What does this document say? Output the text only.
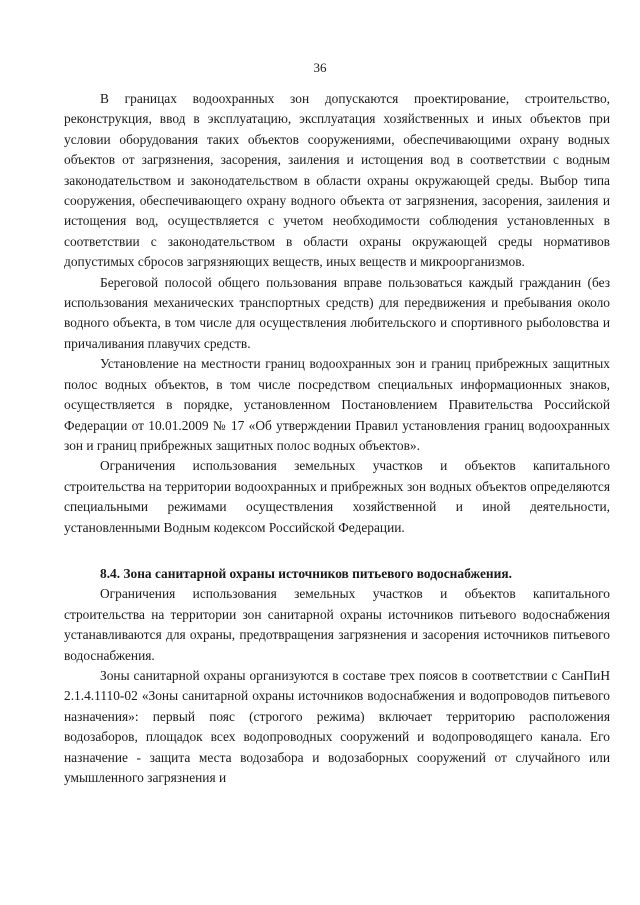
36

В границах водоохранных зон допускаются проектирование, строительство, реконструкция, ввод в эксплуатацию, эксплуатация хозяйственных и иных объектов при условии оборудования таких объектов сооружениями, обеспечивающими охрану водных объектов от загрязнения, засорения, заиления и истощения вод в соответствии с водным законодательством и законодательством в области охраны окружающей среды. Выбор типа сооружения, обеспечивающего охрану водного объекта от загрязнения, засорения, заиления и истощения вод, осуществляется с учетом необходимости соблюдения установленных в соответствии с законодательством в области охраны окружающей среды нормативов допустимых сбросов загрязняющих веществ, иных веществ и микроорганизмов.

Береговой полосой общего пользования вправе пользоваться каждый гражданин (без использования механических транспортных средств) для передвижения и пребывания около водного объекта, в том числе для осуществления любительского и спортивного рыболовства и причаливания плавучих средств.

Установление на местности границ водоохранных зон и границ прибрежных защитных полос водных объектов, в том числе посредством специальных информационных знаков, осуществляется в порядке, установленном Постановлением Правительства Российской Федерации от 10.01.2009 № 17 «Об утверждении Правил установления границ водоохранных зон и границ прибрежных защитных полос водных объектов».

Ограничения использования земельных участков и объектов капитального строительства на территории водоохранных и прибрежных зон водных объектов определяются специальными режимами осуществления хозяйственной и иной деятельности, установленными Водным кодексом Российской Федерации.

8.4. Зона санитарной охраны источников питьевого водоснабжения.

Ограничения использования земельных участков и объектов капитального строительства на территории зон санитарной охраны источников питьевого водоснабжения устанавливаются для охраны, предотвращения загрязнения и засорения источников питьевого водоснабжения.

Зоны санитарной охраны организуются в составе трех поясов в соответствии с СанПиН 2.1.4.1110-02 «Зоны санитарной охраны источников водоснабжения и водопроводов питьевого назначения»: первый пояс (строгого режима) включает территорию расположения водозаборов, площадок всех водопроводных сооружений и водопроводящего канала. Его назначение - защита места водозабора и водозаборных сооружений от случайного или умышленного загрязнения и
